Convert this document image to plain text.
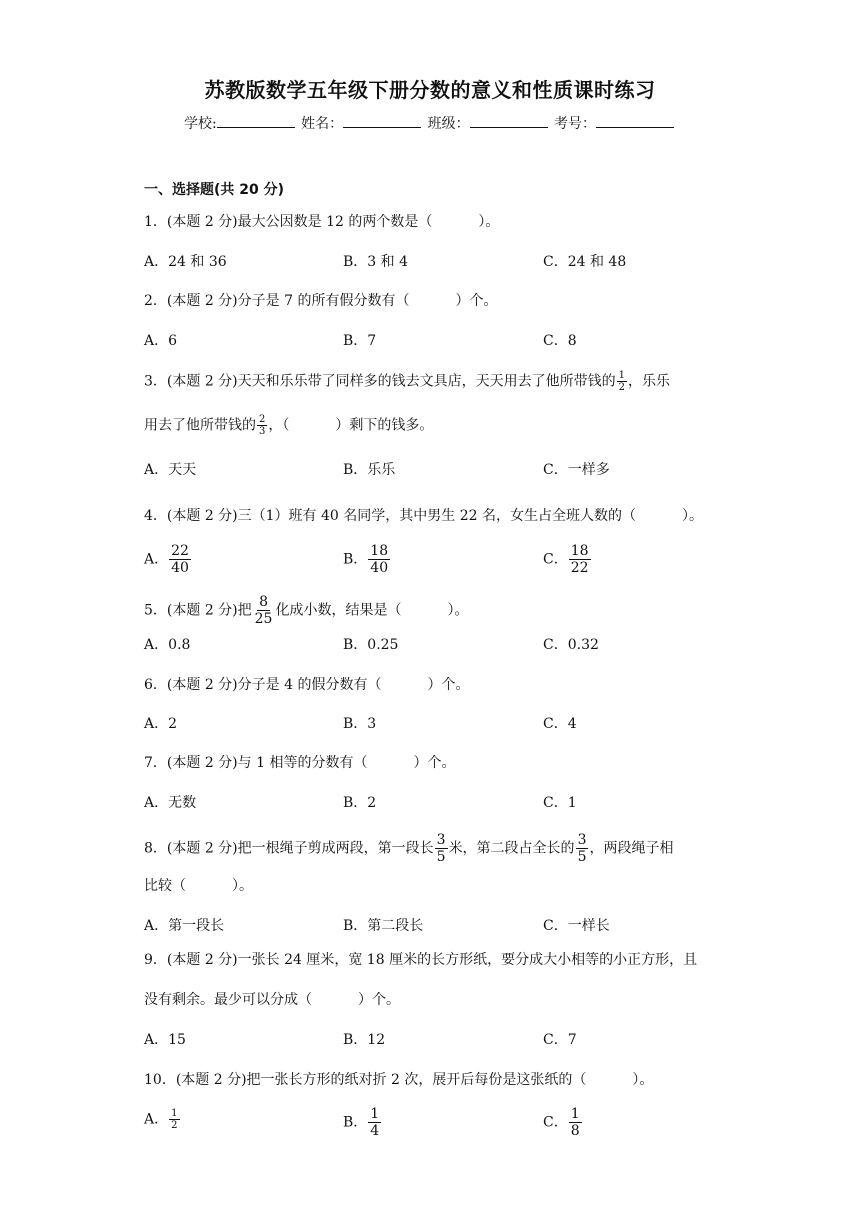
苏教版数学五年级下册分数的意义和性质课时练习
学校:	姓名：	班级：	考号：
一、选择题(共 20 分)
1．(本题 2 分)最大公因数是 12 的两个数是（	）。
A．24 和 36	B．3 和 4	C．24 和 48
2．(本题 2 分)分子是 7 的所有假分数有（	）个。
A．6	B．7	C．8
3．(本题 2 分)天天和乐乐带了同样多的钱去文具店，天天用去了他所带钱的 $\frac{1}{2}$ ，乐乐
用去了他所带钱的 $\frac{2}{3}$ ，（	）剩下的钱多。
A．天天	B．乐乐	C．一样多
4．(本题 2 分)三（1）班有 40 名同学，其中男生 22 名，女生占全班人数的（	）。
A． $\frac{22}{40}$	B． $\frac{18}{40}$	C． $\frac{18}{22}$
5．(本题 2 分)把 $\frac{8}{25}$ 化成小数，结果是（	）。
A．0.8	B．0.25	C．0.32
6．(本题 2 分)分子是 4 的假分数有（	）个。
A．2	B．3	C．4
7．(本题 2 分)与 1 相等的分数有（	）个。
A．无数	B．2	C．1
8．(本题 2 分)把一根绳子剪成两段，第一段长 $\frac{3}{5}$ 米，第二段占全长的 $\frac{3}{5}$ ，两段绳子相
比较（	）。
A．第一段长	B．第二段长	C．一样长
9．(本题 2 分)一张长 24 厘米，宽 18 厘米的长方形纸，要分成大小相等的小正方形，且
没有剩余。最少可以分成（	）个。
A．15	B．12	C．7
10．(本题 2 分)把一张长方形的纸对折 2 次，展开后每份是这张纸的（	）。
A． $\frac{1}{2}$	B． $\frac{1}{4}$	C． $\frac{1}{8}$
